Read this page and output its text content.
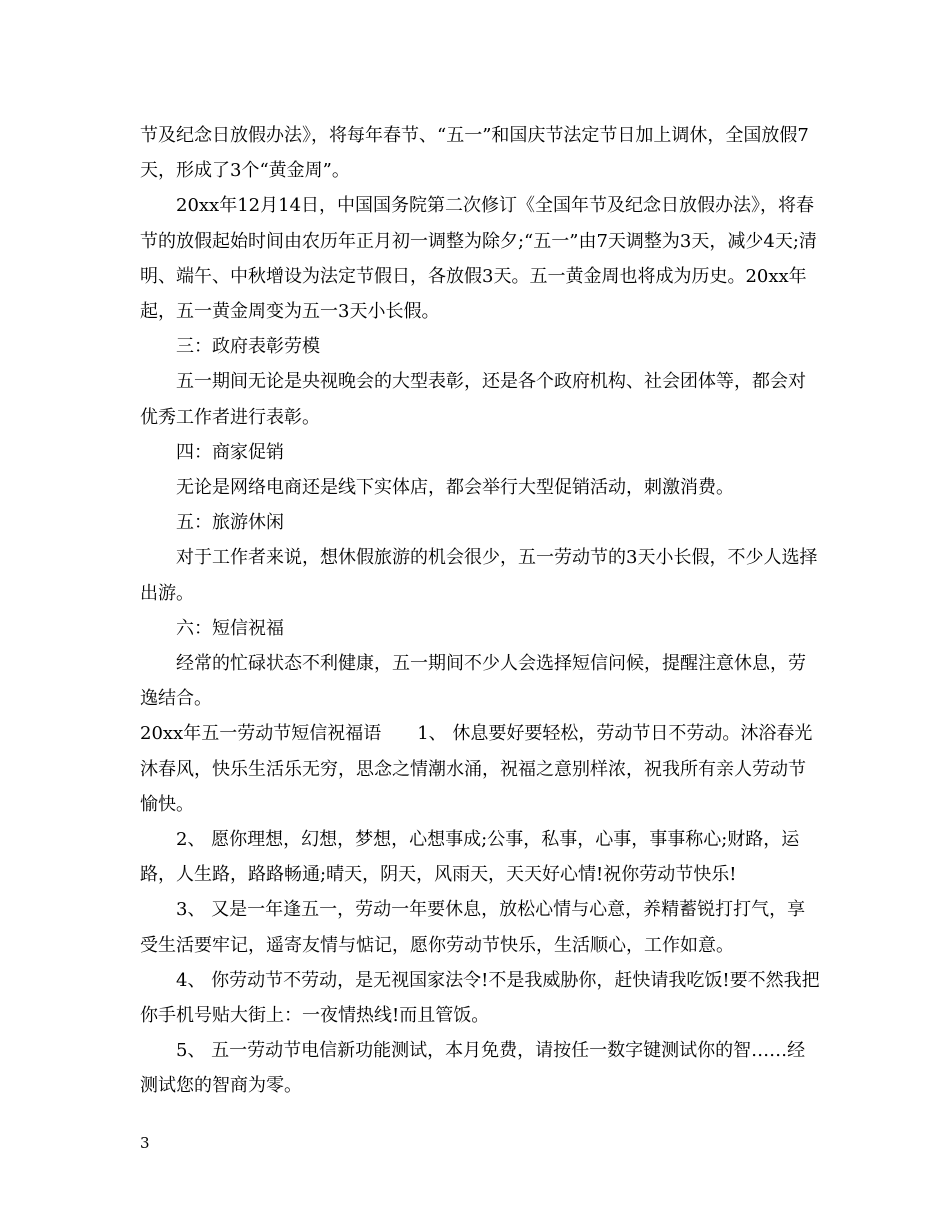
节及纪念日放假办法》，将每年春节、“五一”和国庆节法定节日加上调休，全国放假7天，形成了3个“黄金周”。

20xx年12月14日，中国国务院第二次修订《全国年节及纪念日放假办法》，将春节的放假起始时间由农历年正月初一调整为除夕;“五一”由7天调整为3天，减少4天;清明、端午、中秋增设为法定节假日，各放假3天。五一黄金周也将成为历史。20xx年起，五一黄金周变为五一3天小长假。

三：政府表彰劳模

五一期间无论是央视晚会的大型表彰，还是各个政府机构、社会团体等，都会对优秀工作者进行表彰。

四：商家促销

无论是网络电商还是线下实体店，都会举行大型促销活动，刺激消费。

五：旅游休闲

对于工作者来说，想休假旅游的机会很少，五一劳动节的3天小长假，不少人选择出游。

六：短信祝福

经常的忙碌状态不利健康，五一期间不少人会选择短信问候，提醒注意休息，劳逸结合。

20xx年五一劳动节短信祝福语　　1、 休息要好要轻松，劳动节日不劳动。沐浴春光沐春风，快乐生活乐无穷，思念之情潮水涌，祝福之意别样浓，祝我所有亲人劳动节愉快。

2、 愿你理想，幻想，梦想，心想事成;公事，私事，心事，事事称心;财路，运路，人生路，路路畅通;晴天，阴天，风雨天，天天好心情!祝你劳动节快乐!

3、 又是一年逢五一，劳动一年要休息，放松心情与心意，养精蓄锐打打气，享受生活要牢记，遥寄友情与惦记，愿你劳动节快乐，生活顺心，工作如意。

4、 你劳动节不劳动，是无视国家法令!不是我威胁你，赶快请我吃饭!要不然我把你手机号贴大街上：一夜情热线!而且管饭。

5、 五一劳动节电信新功能测试，本月免费，请按任一数字键测试你的智……经测试您的智商为零。

3
